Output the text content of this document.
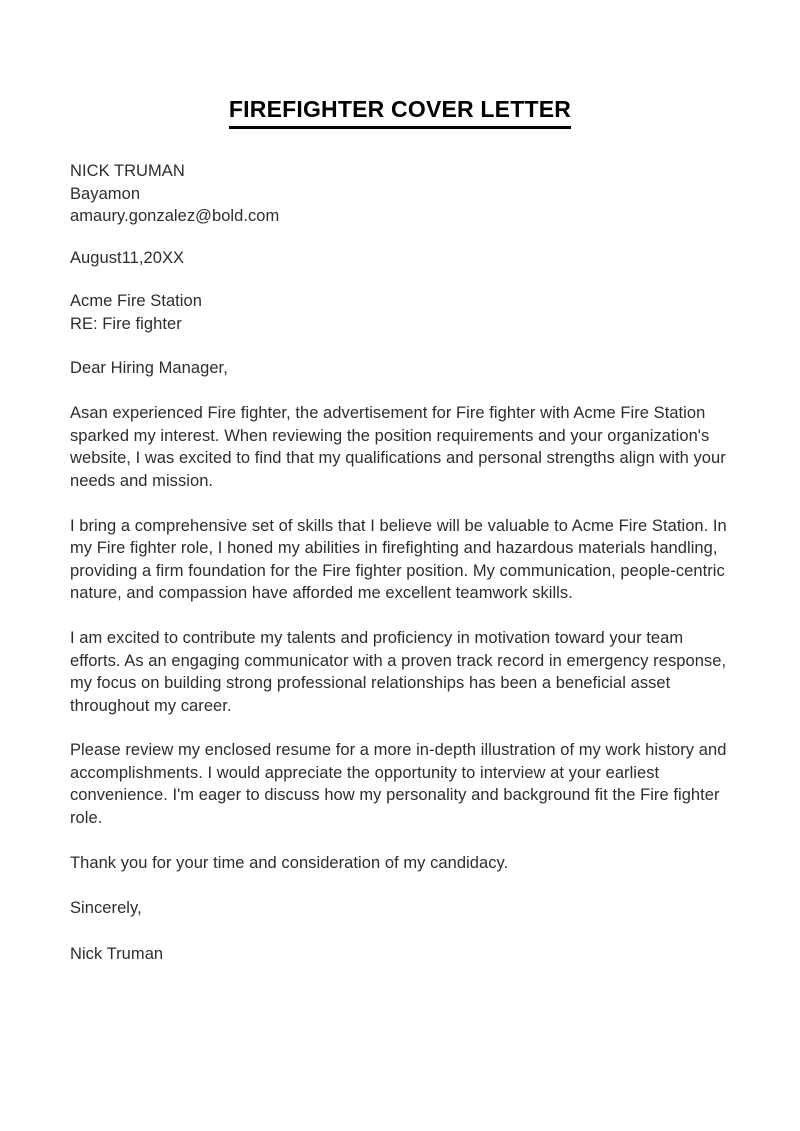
FIREFIGHTER COVER LETTER
NICK TRUMAN
Bayamon
amaury.gonzalez@bold.com
August11,20XX
Acme Fire Station
RE: Fire fighter
Dear Hiring Manager,

Asan experienced Fire fighter, the advertisement for Fire fighter with Acme Fire Station sparked my interest. When reviewing the position requirements and your organization's website, I was excited to find that my qualifications and personal strengths align with your needs and mission.

I bring a comprehensive set of skills that I believe will be valuable to Acme Fire Station. In my Fire fighter role, I honed my abilities in firefighting and hazardous materials handling, providing a firm foundation for the Fire fighter position. My communication, people-centric nature, and compassion have afforded me excellent teamwork skills.

I am excited to contribute my talents and proficiency in motivation toward your team efforts. As an engaging communicator with a proven track record in emergency response, my focus on building strong professional relationships has been a beneficial asset throughout my career.

Please review my enclosed resume for a more in-depth illustration of my work history and accomplishments. I would appreciate the opportunity to interview at your earliest convenience. I'm eager to discuss how my personality and background fit the Fire fighter role.

Thank you for your time and consideration of my candidacy.
Sincerely,
Nick Truman
